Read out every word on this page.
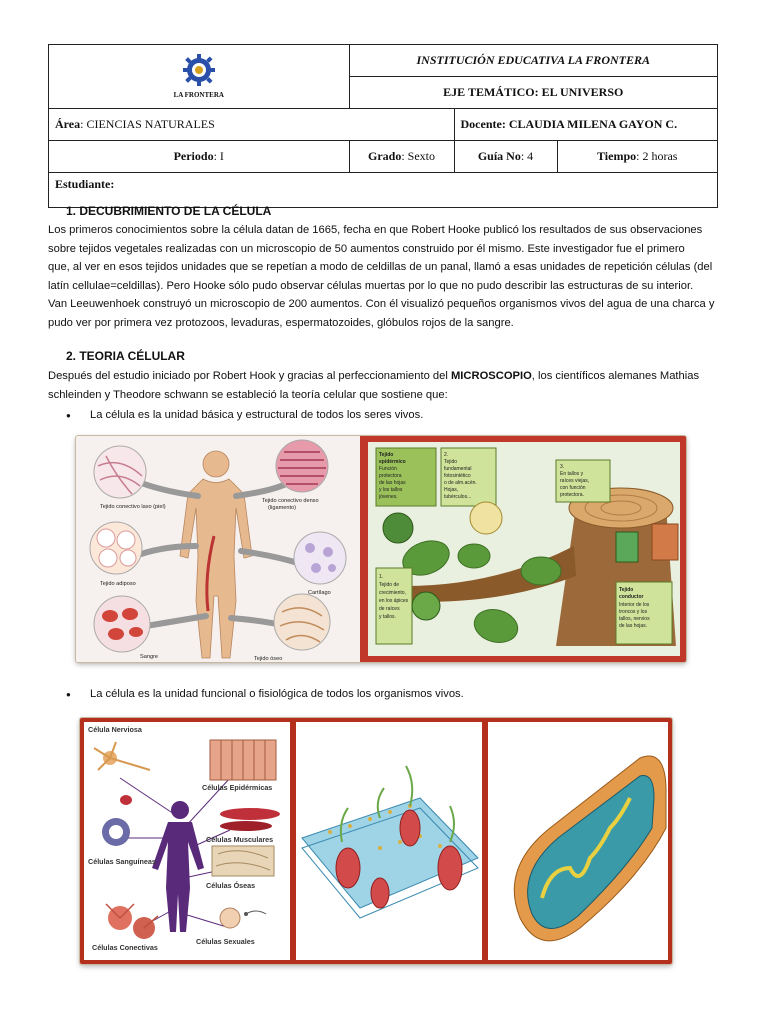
LA FRONTERA	INSTITUCIÓN EDUCATIVA LA FRONTERA		
	EJE TEMÁTICO: EL UNIVERSO		
Área: CIENCIAS NATURALES		Docente: CLAUDIA MILENA GAYON C.	
Periodo: I	Grado: Sexto	Guía No: 4	Tiempo: 2 horas
Estudiante:			
1. DECUBRIMIENTO DE LA CÉLULA
Los primeros conocimientos sobre la célula datan de 1665, fecha en que Robert Hooke publicó los resultados de sus observaciones
sobre tejidos vegetales realizadas con un microscopio de 50 aumentos construido por él mismo. Este investigador fue el primero
que, al ver en esos tejidos unidades que se repetían a modo de celdillas de un panal, llamó a esas unidades de repetición células (del
latín cellulae=celdillas). Pero Hooke sólo pudo observar células muertas por lo que no pudo describir las estructuras de su interior.
Van Leeuwenhoek construyó un microscopio de 200 aumentos. Con él visualizó pequeños organismos vivos del agua de una charca y
pudo ver por primera vez protozoos, levaduras, espermatozoides, glóbulos rojos de la sangre.
2. TEORIA CÉLULAR
Después del estudio iniciado por Robert Hook y gracias al perfeccionamiento del MICROSCOPIO, los científicos alemanes Mathias
schleinden y Theodore schwann se estableció la teoría celular que sostiene que:
● La célula es la unidad básica y estructural de todos los seres vivos.
Tejido conectivo laxo (piel)
Tejido conectivo denso
(ligamento)
Tejido adiposo
Cartílago
Sangre	Tejido óseo
Tejido
epidérmico
Función
protectora
de las hojas
y los tallos
jóvenes.
2.
Tejido
fundamental
fotosintético
o de alm.acén.
Hojas,
tubérculos...
3.
En tallos y
raíces viejas,
con función
protectora.
1.
Tejido de
crecimiento,
en los ápices
de raíces
y tallos.
Tejido
conductor
Interior de los
troncos y los
tallos, nervios
de las hojas.
● La célula es la unidad funcional o fisiológica de todos los organismos vivos.
Célula Nerviosa
Células Epidérmicas
Células Musculares
Células Sanguíneas
Células Óseas
Células Conectivas
Células Sexuales
